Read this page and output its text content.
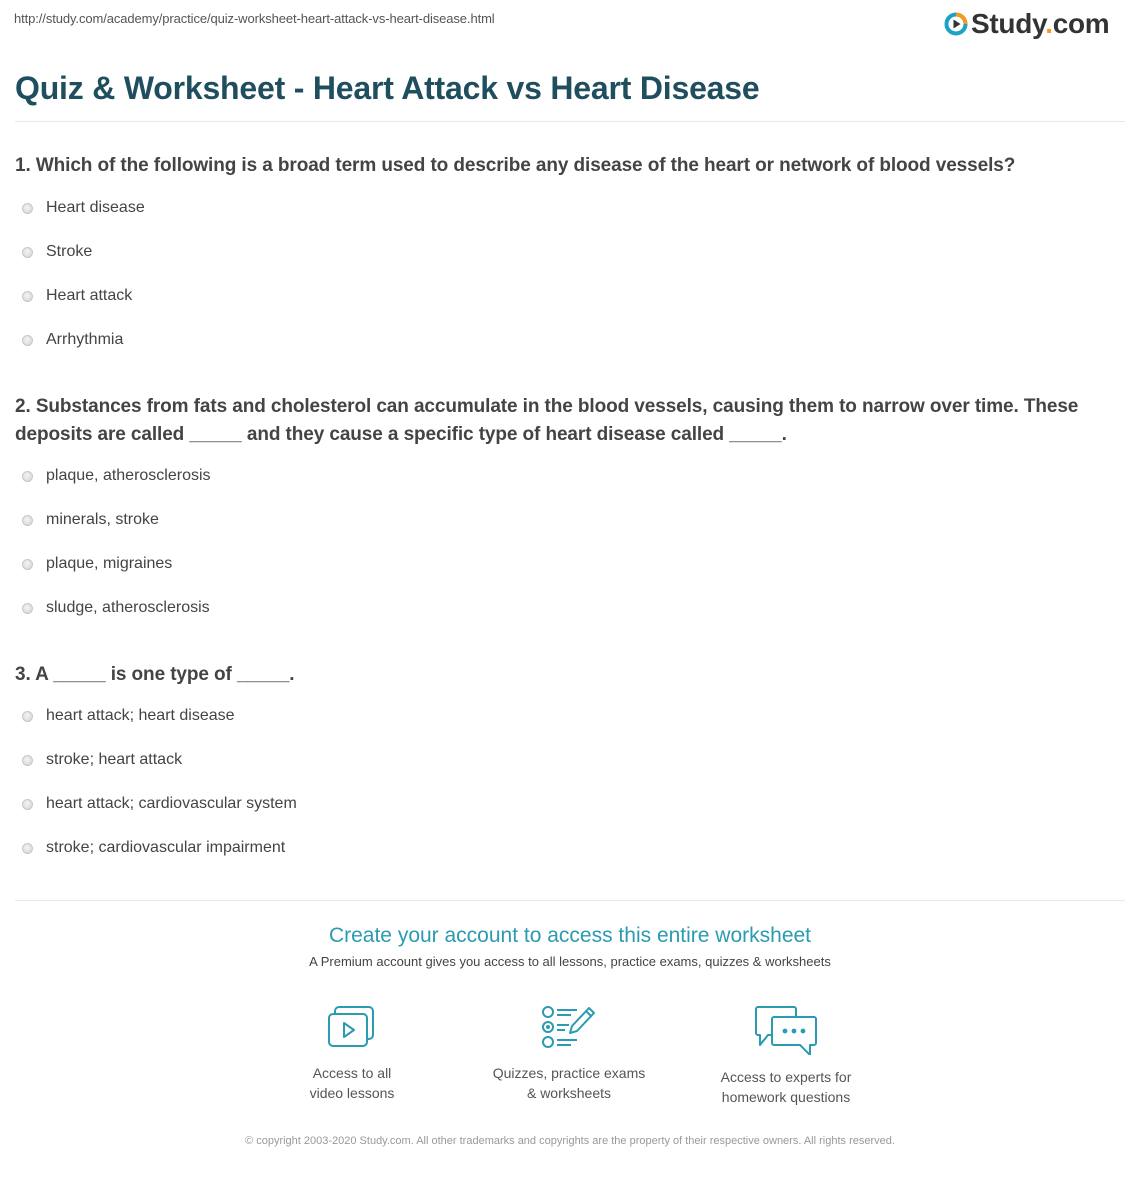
http://study.com/academy/practice/quiz-worksheet-heart-attack-vs-heart-disease.html	Study.com
Quiz & Worksheet - Heart Attack vs Heart Disease

1. Which of the following is a broad term used to describe any disease of the heart or network of blood vessels?

Heart disease
Stroke
Heart attack
Arrhythmia

2. Substances from fats and cholesterol can accumulate in the blood vessels, causing them to narrow over time. These deposits are called _____ and they cause a specific type of heart disease called _____.

plaque, atherosclerosis
minerals, stroke
plaque, migraines
sludge, atherosclerosis

3. A _____ is one type of _____.

heart attack; heart disease
stroke; heart attack
heart attack; cardiovascular system
stroke; cardiovascular impairment
Create your account to access this entire worksheet
A Premium account gives you access to all lessons, practice exams, quizzes & worksheets
Access to all
video lessons
Quizzes, practice exams
& worksheets
Access to experts for
homework questions
© copyright 2003-2020 Study.com. All other trademarks and copyrights are the property of their respective owners. All rights reserved.
